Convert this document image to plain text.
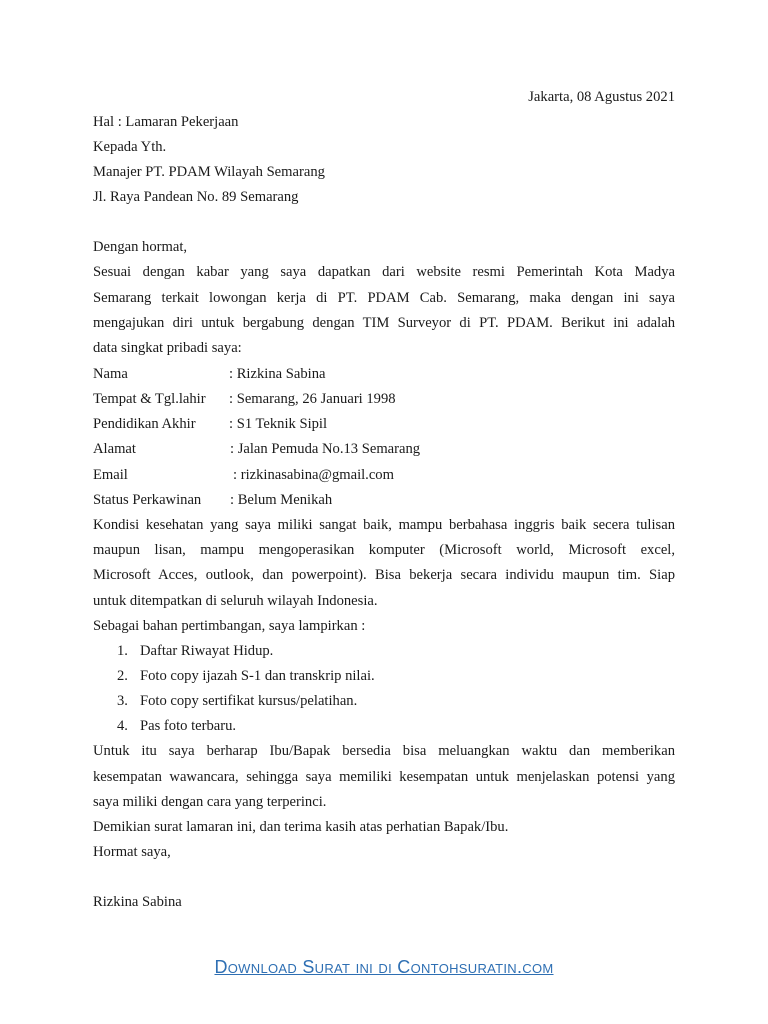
Jakarta, 08 Agustus 2021
Hal : Lamaran Pekerjaan
Kepada Yth.
Manajer PT. PDAM Wilayah Semarang
Jl. Raya Pandean No. 89 Semarang
Dengan hormat,
Sesuai dengan kabar yang saya dapatkan dari website resmi Pemerintah Kota Madya
Semarang terkait lowongan kerja di PT. PDAM Cab. Semarang, maka dengan ini saya
mengajukan diri untuk bergabung dengan TIM Surveyor di PT. PDAM. Berikut ini adalah
data singkat pribadi saya:
Nama	: Rizkina Sabina
Tempat & Tgl.lahir : Semarang, 26 Januari 1998
Pendidikan Akhir : S1 Teknik Sipil
Alamat	: Jalan Pemuda No.13 Semarang
Email	: rizkinasabina@gmail.com
Status Perkawinan : Belum Menikah
Kondisi kesehatan yang saya miliki sangat baik, mampu berbahasa inggris baik secera tulisan
maupun lisan, mampu mengoperasikan komputer (Microsoft world, Microsoft excel,
Microsoft Acces, outlook, dan powerpoint). Bisa bekerja secara individu maupun tim. Siap
untuk ditempatkan di seluruh wilayah Indonesia.
Sebagai bahan pertimbangan, saya lampirkan :
1. Daftar Riwayat Hidup.
2. Foto copy ijazah S-1 dan transkrip nilai.
3. Foto copy sertifikat kursus/pelatihan.
4. Pas foto terbaru.
Untuk itu saya berharap Ibu/Bapak bersedia bisa meluangkan waktu dan memberikan
kesempatan wawancara, sehingga saya memiliki kesempatan untuk menjelaskan potensi yang
saya miliki dengan cara yang terperinci.
Demikian surat lamaran ini, dan terima kasih atas perhatian Bapak/Ibu.
Hormat saya,
Rizkina Sabina
Download Surat ini di Contohsuratin.com
